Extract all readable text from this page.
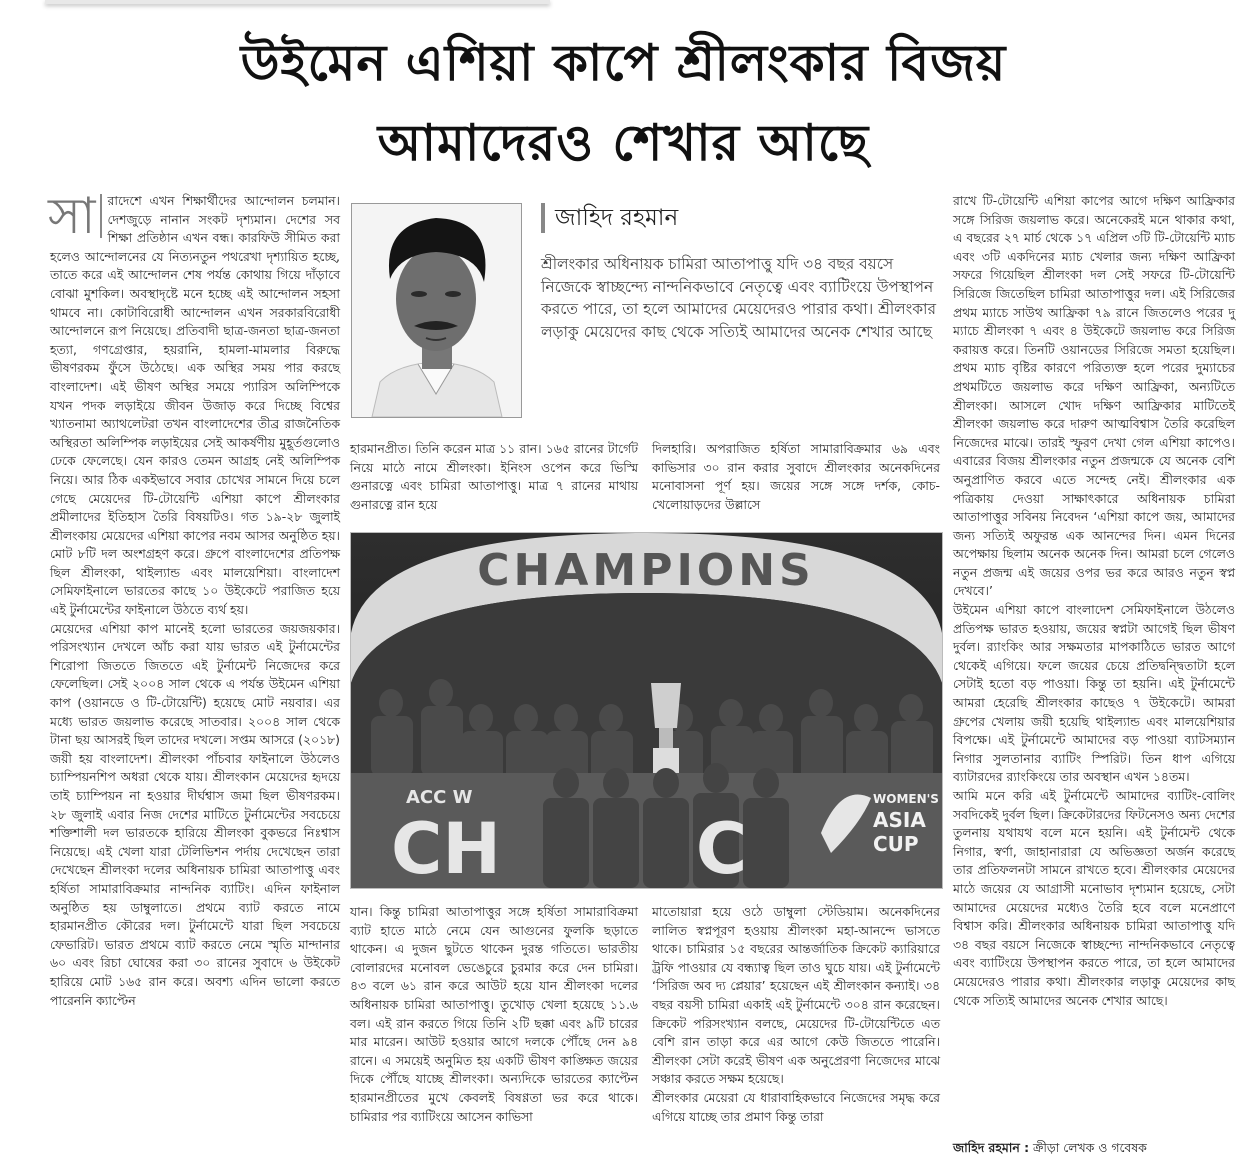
উইমেন এশিয়া কাপে শ্রীলংকার বিজয়
আমাদেরও শেখার আছে

সা রাদেশে এখন শিক্ষার্থীদের আন্দোলন চলমান। দেশজুড়ে নানান সংকট দৃশ্যমান। দেশের সব শিক্ষা প্রতিষ্ঠান এখন বন্ধ। কারফিউ সীমিত করা হলেও আন্দোলনের যে নিত্যনতুন পথরেখা দৃশ্যায়িত হচ্ছে, তাতে করে এই আন্দোলন শেষ পর্যন্ত কোথায় গিয়ে দাঁড়াবে বোঝা মুশকিল। অবস্থাদৃষ্টে মনে হচ্ছে এই আন্দোলন সহসা থামবে না। কোটাবিরোধী আন্দোলন এখন সরকারবিরোধী আন্দোলনে রূপ নিয়েছে। প্রতিবাদী ছাত্র-জনতা ছাত্র-জনতা হত্যা, গণগ্রেপ্তার, হয়রানি, হামলা-মামলার বিরুদ্ধে ভীষণরকম ফুঁসে উঠেছে। এক অস্থির সময় পার করছে বাংলাদেশ। এই ভীষণ অস্থির সময়ে প্যারিস অলিম্পিকে যখন পদক লড়াইয়ে জীবন উজাড় করে দিচ্ছে বিশ্বের খ্যাতনামা অ্যাথলেটরা তখন বাংলাদেশের তীব্র রাজনৈতিক অস্থিরতা অলিম্পিক লড়াইয়ের সেই আকর্ষণীয় মুহূর্তগুলোও ঢেকে ফেলেছে। যেন কারও তেমন আগ্রহ নেই অলিম্পিক নিয়ে। আর ঠিক একইভাবে সবার চোখের সামনে দিয়ে চলে গেছে মেয়েদের টি-টোয়েন্টি এশিয়া কাপে শ্রীলংকার প্রমীলাদের ইতিহাস তৈরি বিষয়টিও। গত ১৯-২৮ জুলাই শ্রীলংকায় মেয়েদের এশিয়া কাপের নবম আসর অনুষ্ঠিত হয়। মোট ৮টি দল অংশগ্রহণ করে। গ্রুপে বাংলাদেশের প্রতিপক্ষ ছিল শ্রীলংকা, থাইল্যান্ড এবং মালয়েশিয়া। বাংলাদেশ সেমিফাইনালে ভারতের কাছে ১০ উইকেটে পরাজিত হয়ে এই টুর্নামেন্টের ফাইনালে উঠতে ব্যর্থ হয়।

মেয়েদের এশিয়া কাপ মানেই হলো ভারতের জয়জয়কার। পরিসংখ্যান দেখলে আঁচ করা যায় ভারত এই টুর্নামেন্টের শিরোপা জিততে জিততে এই টুর্নামেন্ট নিজেদের করে ফেলেছিল। সেই ২০০৪ সাল থেকে এ পর্যন্ত উইমেন এশিয়া কাপ (ওয়ানডে ও টি-টোয়েন্টি) হয়েছে মোট নয়বার। এর মধ্যে ভারত জয়লাভ করেছে সাতবার। ২০০৪ সাল থেকে টানা ছয় আসরই ছিল তাদের দখলে। সপ্তম আসরে (২০১৮) জয়ী হয় বাংলাদেশ। শ্রীলংকা পাঁচবার ফাইনালে উঠলেও চ্যাম্পিয়নশিপ অধরা থেকে যায়। শ্রীলংকান মেয়েদের হৃদয়ে তাই চ্যাম্পিয়ন না হওয়ার দীর্ঘশ্বাস জমা ছিল ভীষণরকম। ২৮ জুলাই এবার নিজ দেশের মাটিতে টুর্নামেন্টের সবচেয়ে শক্তিশালী দল ভারতকে হারিয়ে শ্রীলংকা বুকভরে নিঃশ্বাস নিয়েছে। এই খেলা যারা টেলিভিশন পর্দায় দেখেছেন তারা দেখেছেন শ্রীলংকা দলের অধিনায়ক চামিরা আতাপাত্তু এবং হর্ষিতা সামারাবিক্রমার নান্দনিক ব্যাটিং। এদিন ফাইনাল অনুষ্ঠিত হয় ডাম্বুলাতে। প্রথমে ব্যাট করতে নামে হারমানপ্রীত কৌরের দল। টুর্নামেন্টে যারা ছিল সবচেয়ে ফেভারিট। ভারত প্রথমে ব্যাট করতে নেমে স্মৃতি মান্দানার ৬০ এবং রিচা ঘোষের করা ৩০ রানের সুবাদে ৬ উইকেট হারিয়ে মোট ১৬৫ রান করে। অবশ্য এদিন ভালো করতে পারেননি ক্যাপ্টেন

জাহিদ রহমান
শ্রীলংকার অধিনায়ক চামিরা আতাপাত্তু যদি ৩৪ বছর বয়সে নিজেকে স্বাচ্ছন্দ্যে নান্দনিকভাবে নেতৃত্বে এবং ব্যাটিংয়ে উপস্থাপন করতে পারে, তা হলে আমাদের মেয়েদেরও পারার কথা। শ্রীলংকার লড়াকু মেয়েদের কাছ থেকে সত্যিই আমাদের অনেক শেখার আছে

হারমানপ্রীত। তিনি করেন মাত্র ১১ রান। ১৬৫ রানের টার্গেট নিয়ে মাঠে নামে শ্রীলংকা। ইনিংস ওপেন করে ভিস্মি গুনারত্নে এবং চামিরা আতাপাত্তু। মাত্র ৭ রানের মাথায় গুনারত্নে রান হয়ে

দিলহারি। অপরাজিত হর্ষিতা সামারাবিক্রমার ৬৯ এবং কাভিসার ৩০ রান করার সুবাদে শ্রীলংকার অনেকদিনের মনোবাসনা পূর্ণ হয়। জয়ের সঙ্গে সঙ্গে দর্শক, কোচ-খেলোয়াড়দের উল্লাসে

CHAMPIONS
ACC W
CH        C
WOMEN'S
ASIA
CUP

যান। কিন্তু চামিরা আতাপাত্তুর সঙ্গে হর্ষিতা সামারাবিক্রমা ব্যাট হাতে মাঠে নেমে যেন আগুনের ফুলকি ছড়াতে থাকেন। এ দুজন ছুটতে থাকেন দুরন্ত গতিতে। ভারতীয় বোলারদের মনোবল ভেঙেচুরে চুরমার করে দেন চামিরা। ৪৩ বলে ৬১ রান করে আউট হয়ে যান শ্রীলংকা দলের অধিনায়ক চামিরা আতাপাত্তু। তুখোড় খেলা হয়েছে ১১.৬ বল। এই রান করতে গিয়ে তিনি ২টি ছক্কা এবং ৯টি চারের মার মারেন। আউট হওয়ার আগে দলকে পৌঁছে দেন ৯৪ রানে। এ সময়েই অনুমিত হয় একটি ভীষণ কাঙ্ক্ষিত জয়ের দিকে পৌঁছে যাচ্ছে শ্রীলংকা। অন্যদিকে ভারতের ক্যাপ্টেন হারমানপ্রীতের মুখে কেবলই বিষণ্ণতা ভর করে থাকে। চামিরার পর ব্যাটিংয়ে আসেন কাভিসা

মাতোয়ারা হয়ে ওঠে ডাম্বুলা স্টেডিয়াম। অনেকদিনের লালিত স্বপ্নপূরণ হওয়ায় শ্রীলংকা মহা-আনন্দে ভাসতে থাকে। চামিরার ১৫ বছরের আন্তর্জাতিক ক্রিকেট ক্যারিয়ারে ট্রফি পাওয়ার যে বন্ধ্যাত্ব ছিল তাও ঘুচে যায়। এই টুর্নামেন্টে ‘সিরিজ অব দ্য প্লেয়ার’ হয়েছেন এই শ্রীলংকান কন্যাই। ৩৪ বছর বয়সী চামিরা একাই এই টুর্নামেন্টে ৩০৪ রান করেছেন। ক্রিকেট পরিসংখ্যান বলছে, মেয়েদের টি-টোয়েন্টিতে এত বেশি রান তাড়া করে এর আগে কেউ জিততে পারেনি। শ্রীলংকা সেটা করেই ভীষণ এক অনুপ্রেরণা নিজেদের মাঝে সঞ্চার করতে সক্ষম হয়েছে।

শ্রীলংকার মেয়েরা যে ধারাবাহিকভাবে নিজেদের সমৃদ্ধ করে এগিয়ে যাচ্ছে তার প্রমাণ কিন্তু তারা

রাখে টি-টোয়েন্টি এশিয়া কাপের আগে দক্ষিণ আফ্রিকার সঙ্গে সিরিজ জয়লাভ করে। অনেকেরই মনে থাকার কথা, এ বছরের ২৭ মার্চ থেকে ১৭ এপ্রিল ৩টি টি-টোয়েন্টি ম্যাচ এবং ৩টি একদিনের ম্যাচ খেলার জন্য দক্ষিণ আফ্রিকা সফরে গিয়েছিল শ্রীলংকা দল সেই সফরে টি-টোয়েন্টি সিরিজে জিতেছিল চামিরা আতাপাত্তুর দল। এই সিরিজের প্রথম ম্যাচে সাউথ আফ্রিকা ৭৯ রানে জিতলেও পরের দু ম্যাচে শ্রীলংকা ৭ এবং ৪ উইকেটে জয়লাভ করে সিরিজ করায়ত্ত করে। তিনটি ওয়ানডের সিরিজে সমতা হয়েছিল। প্রথম ম্যাচ বৃষ্টির কারণে পরিত্যক্ত হলে পরের দুম্যাচের প্রথমটিতে জয়লাভ করে দক্ষিণ আফ্রিকা, অন্যটিতে শ্রীলংকা। আসলে খোদ দক্ষিণ আফ্রিকার মাটিতেই শ্রীলংকা জয়লাভ করে দারুণ আত্মবিশ্বাস তৈরি করেছিল নিজেদের মাঝে। তারই স্ফুরণ দেখা গেল এশিয়া কাপেও। এবারের বিজয় শ্রীলংকার নতুন প্রজন্মকে যে অনেক বেশি অনুপ্রাণিত করবে এতে সন্দেহ নেই। শ্রীলংকার এক পত্রিকায় দেওয়া সাক্ষাৎকারে অধিনায়ক চামিরা আতাপাত্তুর সবিনয় নিবেদন ‘এশিয়া কাপে জয়, আমাদের জন্য সত্যিই অফুরন্ত এক আনন্দের দিন। এমন দিনের অপেক্ষায় ছিলাম অনেক অনেক দিন। আমরা চলে গেলেও নতুন প্রজন্ম এই জয়ের ওপর ভর করে আরও নতুন স্বপ্ন দেখবে।’

উইমেন এশিয়া কাপে বাংলাদেশ সেমিফাইনালে উঠলেও প্রতিপক্ষ ভারত হওয়ায়, জয়ের স্বপ্নটা আগেই ছিল ভীষণ দুর্বল। র‍্যাংকিং আর সক্ষমতার মাপকাঠিতে ভারত আগে থেকেই এগিয়ে। ফলে জয়ের চেয়ে প্রতিদ্বন্দ্বিতাটা হলে সেটাই হতো বড় পাওয়া। কিন্তু তা হয়নি। এই টুর্নামেন্টে আমরা হেরেছি শ্রীলংকার কাছেও ৭ উইকেটে। আমরা গ্রুপের খেলায় জয়ী হয়েছি থাইল্যান্ড এবং মালয়েশিয়ার বিপক্ষে। এই টুর্নামেন্টে আমাদের বড় পাওয়া ব্যাটসম্যান নিগার সুলতানার ব্যাটিং স্পিরিট। তিন ধাপ এগিয়ে ব্যাটারদের র‍্যাংকিংয়ে তার অবস্থান এখন ১৪তম।

আমি মনে করি এই টুর্নামেন্টে আমাদের ব্যাটিং-বোলিং সবদিকেই দুর্বল ছিল। ক্রিকেটারদের ফিটনেসও অন্য দেশের তুলনায় যথাযথ বলে মনে হয়নি। এই টুর্নামেন্ট থেকে নিগার, স্বর্ণা, জাহানারারা যে অভিজ্ঞতা অর্জন করেছে তার প্রতিফলনটা সামনে রাখতে হবে। শ্রীলংকার মেয়েদের মাঠে জয়ের যে আগ্রাসী মনোভাব দৃশ্যমান হয়েছে, সেটা আমাদের মেয়েদের মধ্যেও তৈরি হবে বলে মনেপ্রাণে বিশ্বাস করি। শ্রীলংকার অধিনায়ক চামিরা আতাপাত্তু যদি ৩৪ বছর বয়সে নিজেকে স্বাচ্ছন্দ্যে নান্দনিকভাবে নেতৃত্বে এবং ব্যাটিংয়ে উপস্থাপন করতে পারে, তা হলে আমাদের মেয়েদেরও পারার কথা। শ্রীলংকার লড়াকু মেয়েদের কাছ থেকে সত্যিই আমাদের অনেক শেখার আছে।

জাহিদ রহমান : ক্রীড়া লেখক ও গবেষক
